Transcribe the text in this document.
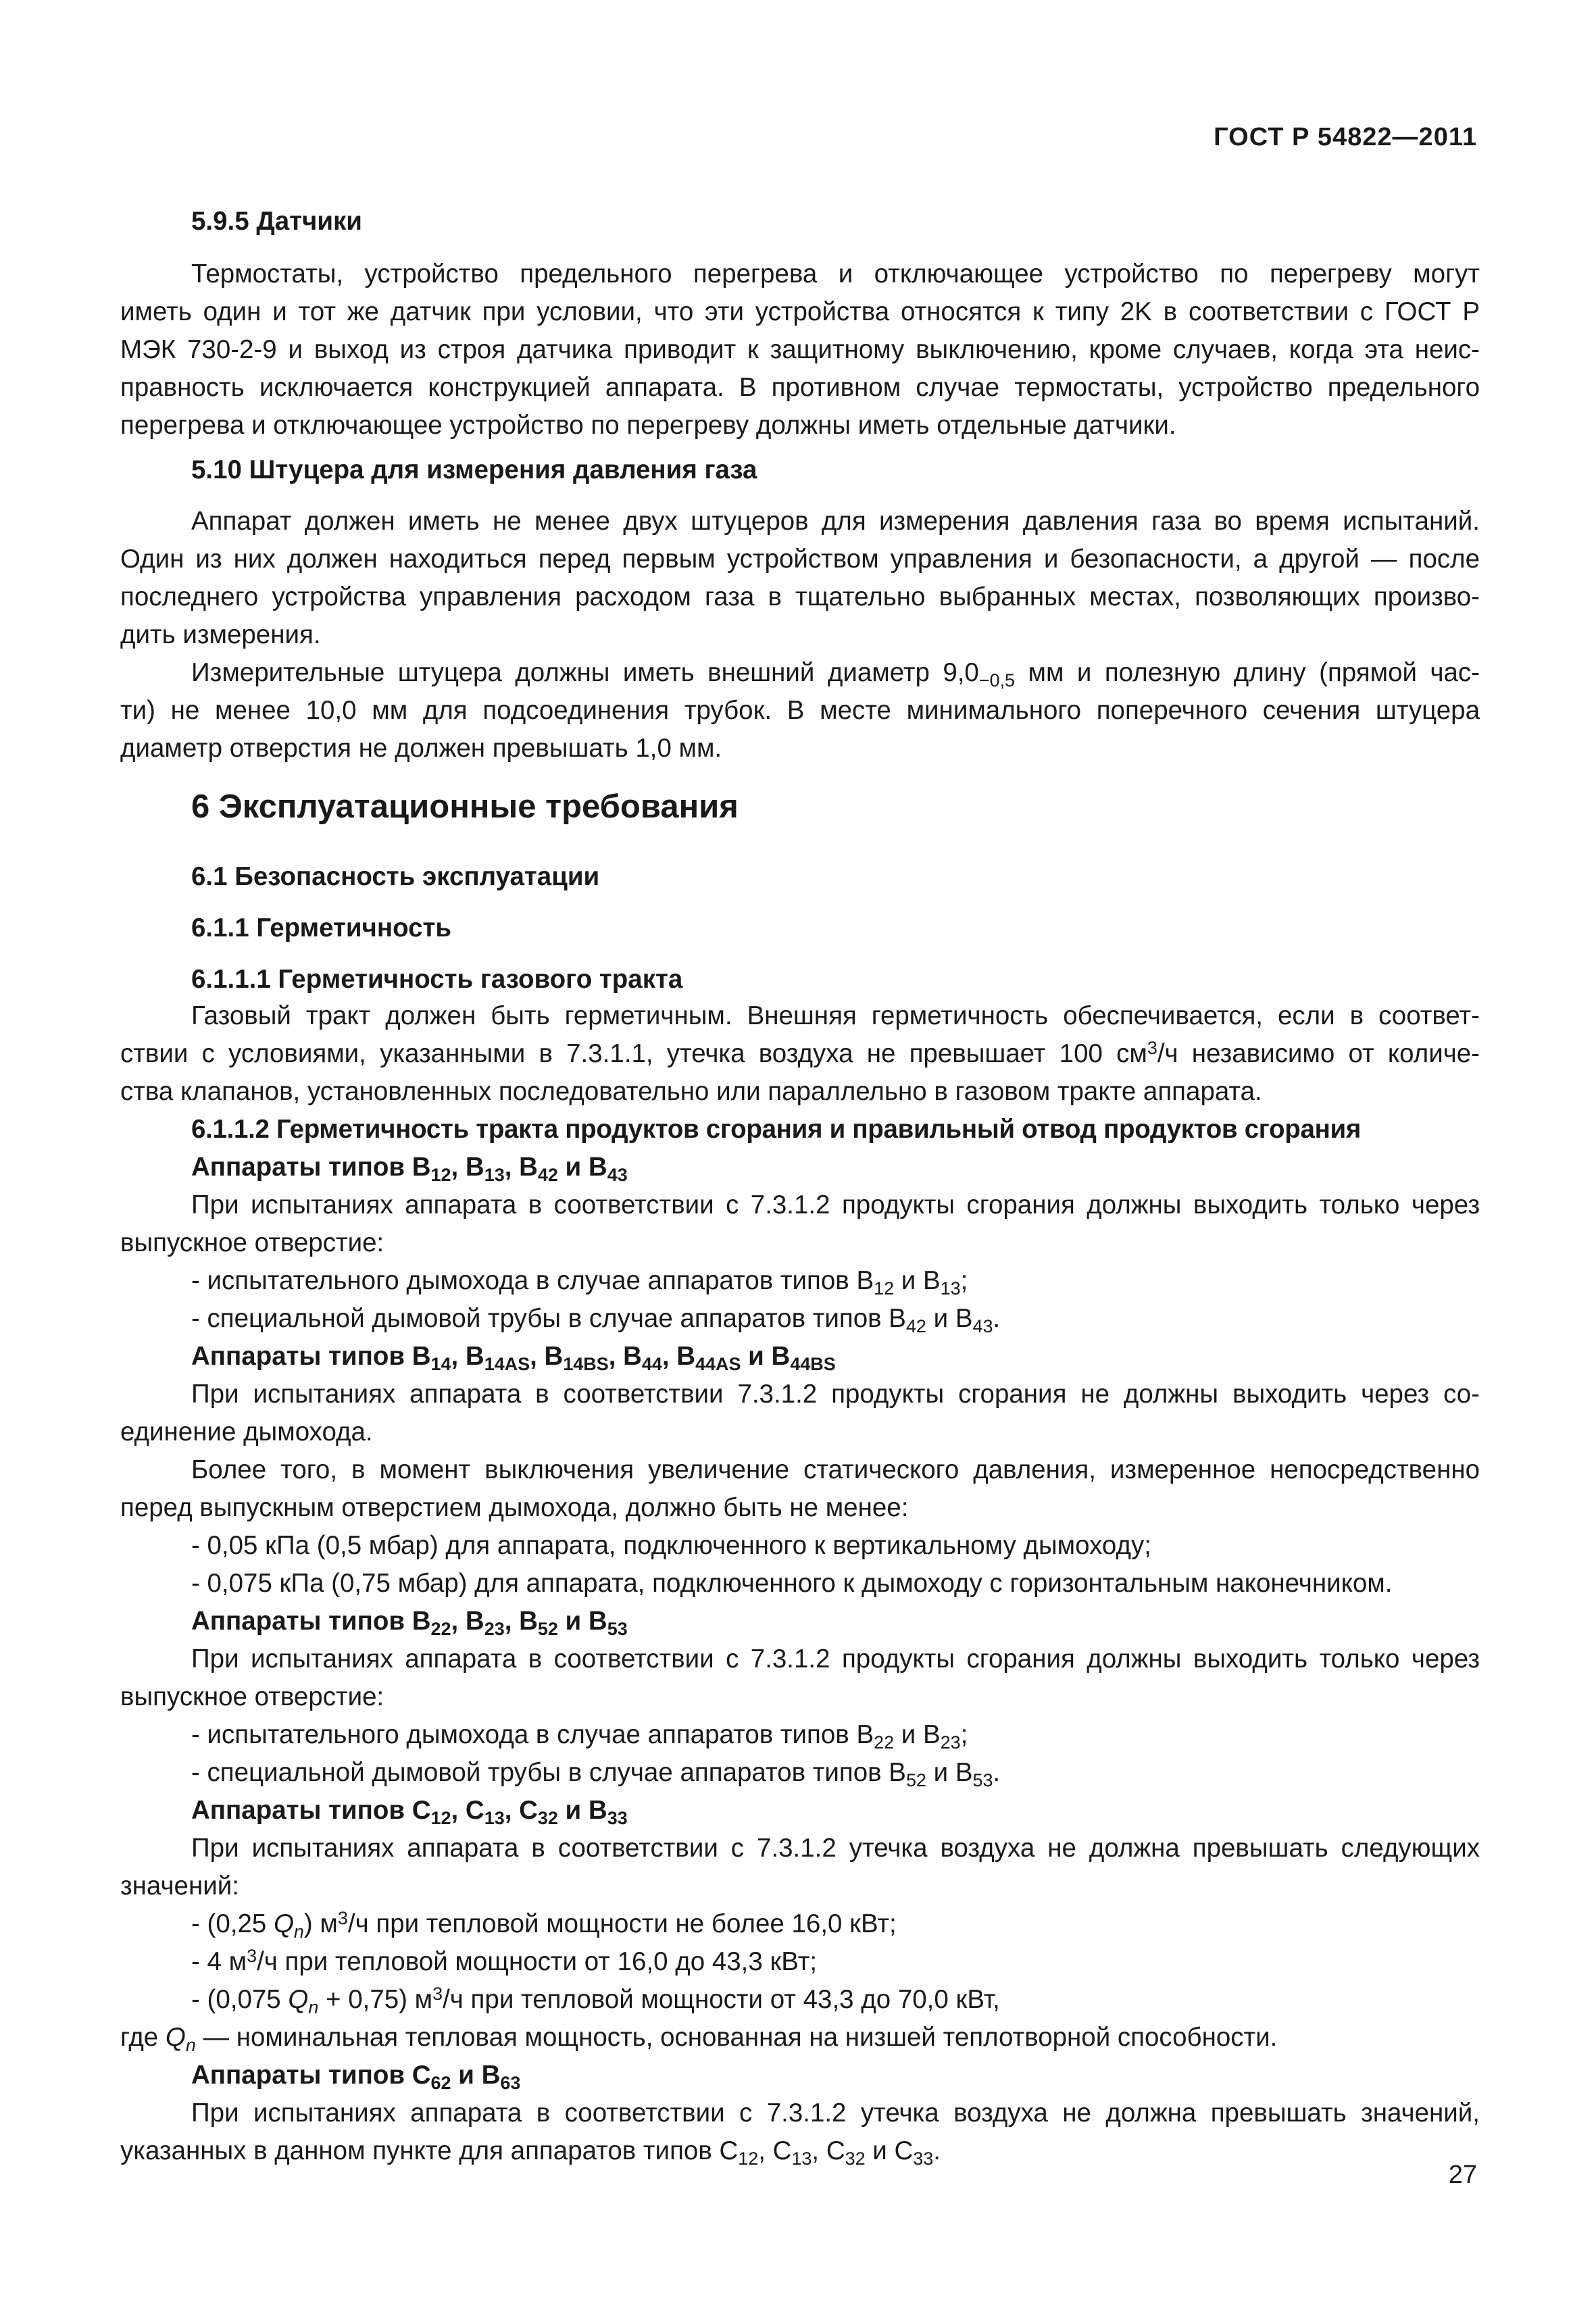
ГОСТ Р 54822—2011
5.9.5 Датчики
Термостаты, устройство предельного перегрева и отключающее устройство по перегреву могут
иметь один и тот же датчик при условии, что эти устройства относятся к типу 2K в соответствии с ГОСТ Р
МЭК 730-2-9 и выход из строя датчика приводит к защитному выключению, кроме случаев, когда эта неис-
правность исключается конструкцией аппарата. В противном случае термостаты, устройство предельного
перегрева и отключающее устройство по перегреву должны иметь отдельные датчики.
5.10 Штуцера для измерения давления газа
Аппарат должен иметь не менее двух штуцеров для измерения давления газа во время испытаний.
Один из них должен находиться перед первым устройством управления и безопасности, а другой — после
последнего устройства управления расходом газа в тщательно выбранных местах, позволяющих произво-
дить измерения.
Измерительные штуцера должны иметь внешний диаметр $9,0_{-0,5}$ мм и полезную длину (прямой час-
ти) не менее 10,0 мм для подсоединения трубок. В месте минимального поперечного сечения штуцера
диаметр отверстия не должен превышать 1,0 мм.
6 Эксплуатационные требования
6.1 Безопасность эксплуатации
6.1.1 Герметичность
6.1.1.1 Герметичность газового тракта
Газовый тракт должен быть герметичным. Внешняя герметичность обеспечивается, если в соответ-
ствии с условиями, указанными в 7.3.1.1, утечка воздуха не превышает 100 $см^3/ч$ независимо от количе-
ства клапанов, установленных последовательно или параллельно в газовом тракте аппарата.
6.1.1.2 Герметичность тракта продуктов сгорания и правильный отвод продуктов сгорания
Аппараты типов $B_{12}$, $B_{13}$, $B_{42}$ и $B_{43}$
При испытаниях аппарата в соответствии с 7.3.1.2 продукты сгорания должны выходить только через
выпускное отверстие:
- испытательного дымохода в случае аппаратов типов $B_{12}$ и $B_{13}$;
- специальной дымовой трубы в случае аппаратов типов $B_{42}$ и $B_{43}$.
Аппараты типов $B_{14}$, $B_{14AS}$, $B_{14BS}$, $B_{44}$, $B_{44AS}$ и $B_{44BS}$
При испытаниях аппарата в соответствии 7.3.1.2 продукты сгорания не должны выходить через со-
единение дымохода.
Более того, в момент выключения увеличение статического давления, измеренное непосредственно
перед выпускным отверстием дымохода, должно быть не менее:
- 0,05 кПа (0,5 мбар) для аппарата, подключенного к вертикальному дымоходу;
- 0,075 кПа (0,75 мбар) для аппарата, подключенного к дымоходу с горизонтальным наконечником.
Аппараты типов $B_{22}$, $B_{23}$, $B_{52}$ и $B_{53}$
При испытаниях аппарата в соответствии с 7.3.1.2 продукты сгорания должны выходить только через
выпускное отверстие:
- испытательного дымохода в случае аппаратов типов $B_{22}$ и $B_{23}$;
- специальной дымовой трубы в случае аппаратов типов $B_{52}$ и $B_{53}$.
Аппараты типов $C_{12}$, $C_{13}$, $C_{32}$ и $B_{33}$
При испытаниях аппарата в соответствии с 7.3.1.2 утечка воздуха не должна превышать следующих
значений:
- (0,25 $Q_n$) $м^3/ч$ при тепловой мощности не более 16,0 кВт;
- 4 $м^3/ч$ при тепловой мощности от 16,0 до 43,3 кВт;
- (0,075 $Q_n + 0,75$) $м^3/ч$ при тепловой мощности от 43,3 до 70,0 кВт,
где $Q_n$ — номинальная тепловая мощность, основанная на низшей теплотворной способности.
Аппараты типов $C_{62}$ и $B_{63}$
При испытаниях аппарата в соответствии с 7.3.1.2 утечка воздуха не должна превышать значений,
указанных в данном пункте для аппаратов типов $C_{12}$, $C_{13}$, $C_{32}$ и $C_{33}$.
27
